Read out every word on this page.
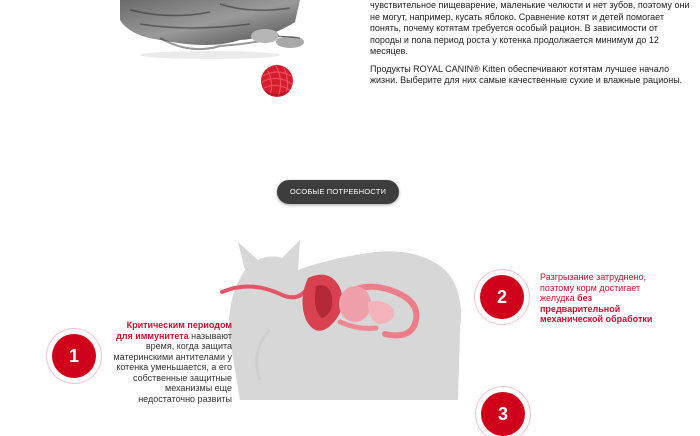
чувствительное пищеварение, маленькие челюсти и нет зубов, поэтому они не могут, например, кусать яблоко. Сравнение котят и детей помогает понять, почему котятам требуется особый рацион. В зависимости от породы и пола период роста у котенка продолжается минимум до 12 месяцев.

Продукты ROYAL CANIN® Kitten обеспечивают котятам лучшее начало жизни. Выберите для них самые качественные сухие и влажные рационы.

ОСОБЫЕ ПОТРЕБНОСТИ КОТЯТ
Разгрызание затруднено, поэтому корм достигает желудка без предварительной механической обработки
2
Критическим периодом для иммунитета называют время, когда защита материнскими антителами у котенка уменьшается, а его собственные защитные механизмы еще недостаточно развиты
1
3
